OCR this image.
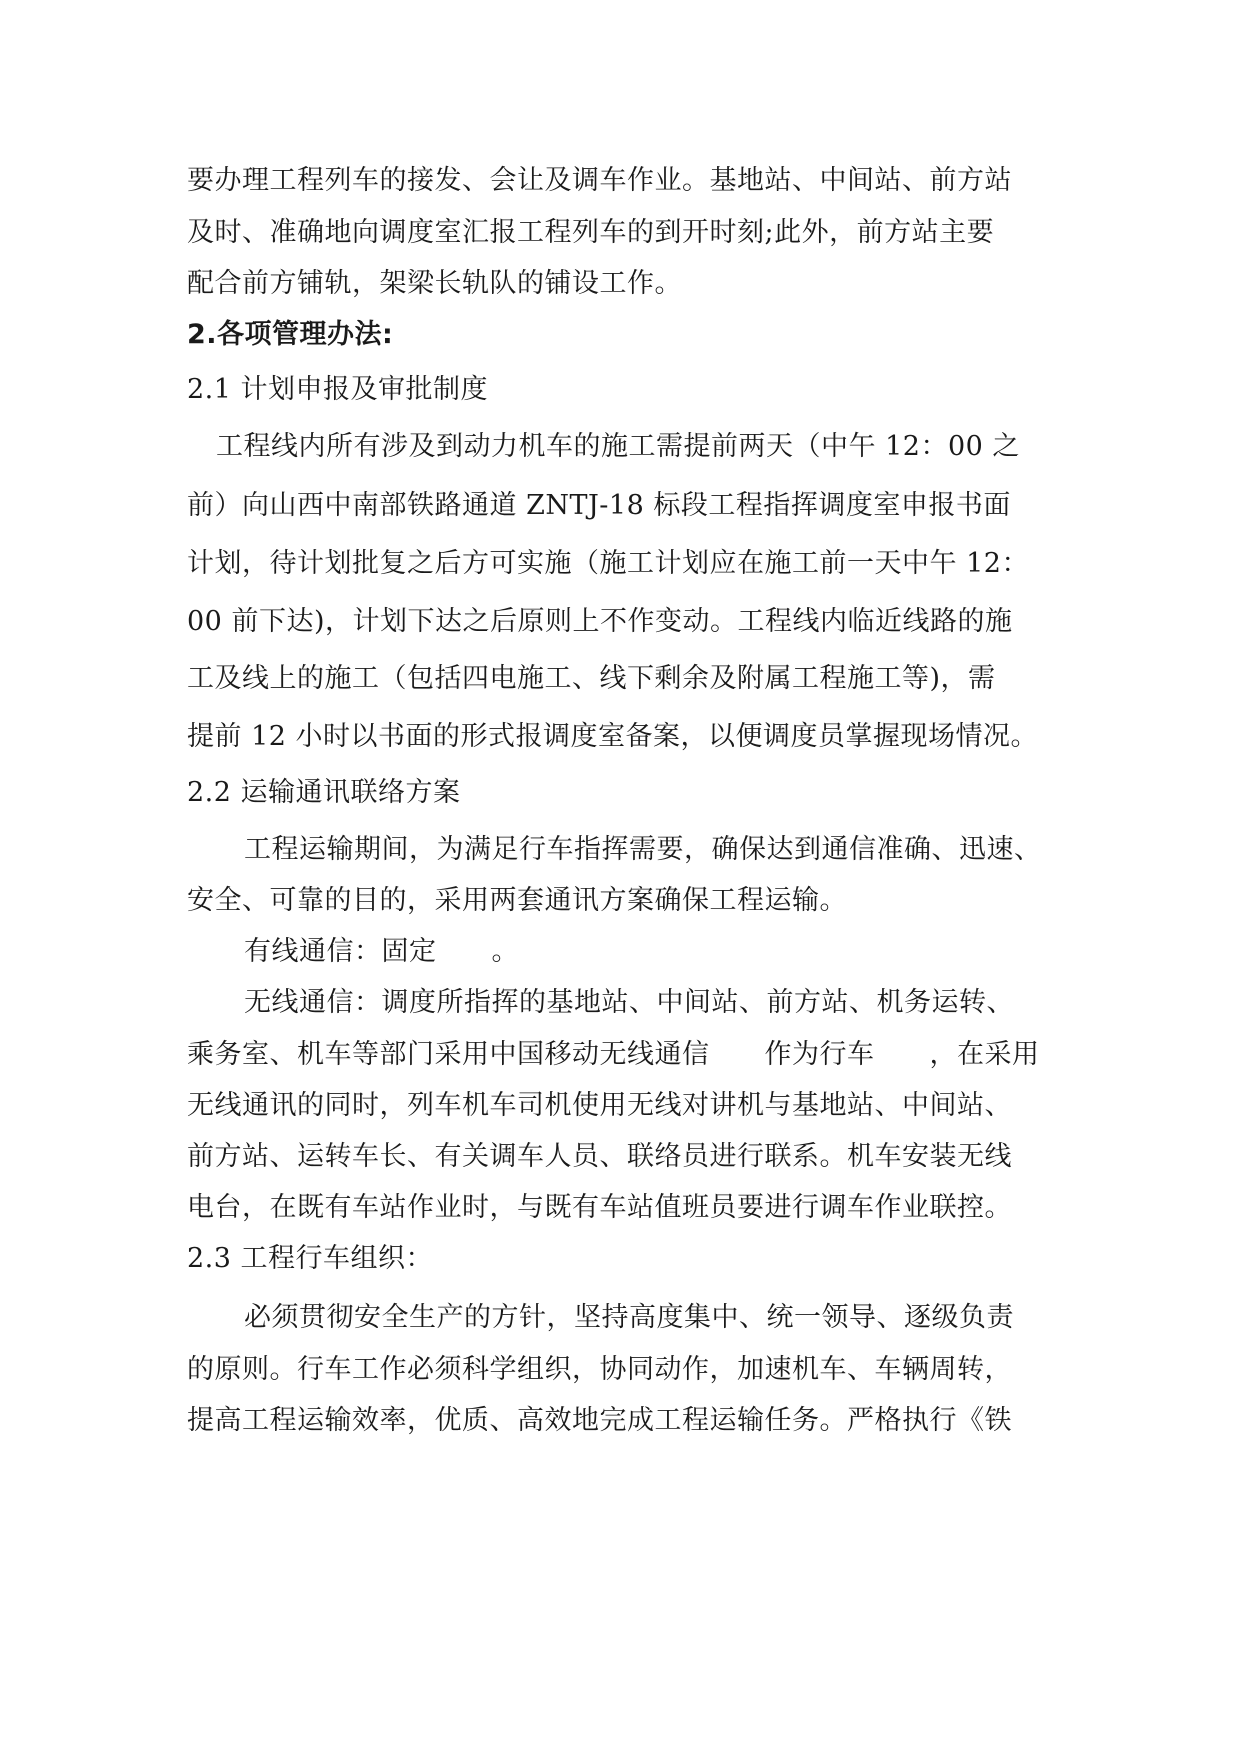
要办理工程列车的接发、会让及调车作业。基地站、中间站、前方站
及时、准确地向调度室汇报工程列车的到开时刻;此外，前方站主要
配合前方铺轨，架梁长轨队的铺设工作。
2.各项管理办法:
2.1 计划申报及审批制度
工程线内所有涉及到动力机车的施工需提前两天（中午 12：00 之
前）向山西中南部铁路通道 ZNTJ-18 标段工程指挥调度室申报书面
计划，待计划批复之后方可实施（施工计划应在施工前一天中午 12：
00 前下达)，计划下达之后原则上不作变动。工程线内临近线路的施
工及线上的施工（包括四电施工、线下剩余及附属工程施工等)，需
提前 12 小时以书面的形式报调度室备案，以便调度员掌握现场情况。
2.2 运输通讯联络方案
工程运输期间，为满足行车指挥需要，确保达到通信准确、迅速、
安全、可靠的目的，采用两套通讯方案确保工程运输。
有线通信：固定　　。
无线通信：调度所指挥的基地站、中间站、前方站、机务运转、
乘务室、机车等部门采用中国移动无线通信　　作为行车　　，在采用
无线通讯的同时，列车机车司机使用无线对讲机与基地站、中间站、
前方站、运转车长、有关调车人员、联络员进行联系。机车安装无线
电台，在既有车站作业时，与既有车站值班员要进行调车作业联控。
2.3 工程行车组织：
必须贯彻安全生产的方针，坚持高度集中、统一领导、逐级负责
的原则。行车工作必须科学组织，协同动作，加速机车、车辆周转，
提高工程运输效率，优质、高效地完成工程运输任务。严格执行《铁
